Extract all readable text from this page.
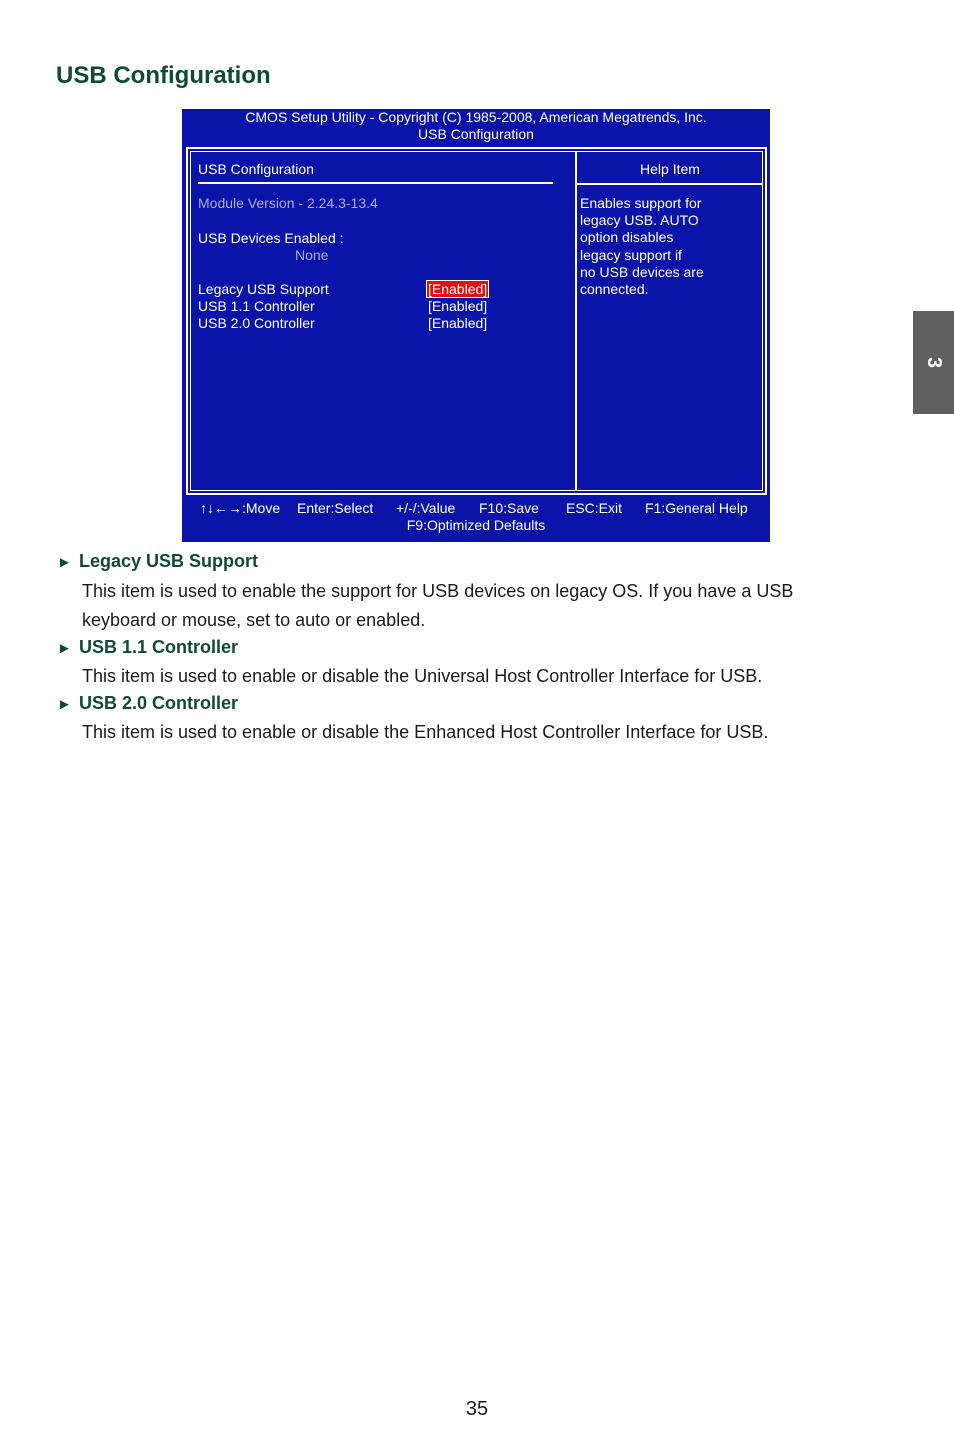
USB Configuration
3
CMOS Setup Utility - Copyright (C) 1985-2008, American Megatrends, Inc.
USB Configuration
USB Configuration
Module Version - 2.24.3-13.4
USB Devices Enabled :
None
Legacy USB Support	[Enabled]
USB 1.1 Controller	[Enabled]
USB 2.0 Controller	[Enabled]
Help Item
Enables support for
legacy USB. AUTO
option disables
legacy support if
no USB devices are
connected.
↑↓←→:Move Enter:Select +/-/:Value F10:Save ESC:Exit F1:General Help
F9:Optimized Defaults
► Legacy USB Support
This item is used to enable the support for USB devices on legacy OS. If you have a USB
keyboard or mouse, set to auto or enabled.
► USB 1.1 Controller
This item is used to enable or disable the Universal Host Controller Interface for USB.
► USB 2.0 Controller
This item is used to enable or disable the Enhanced Host Controller Interface for USB.
35
